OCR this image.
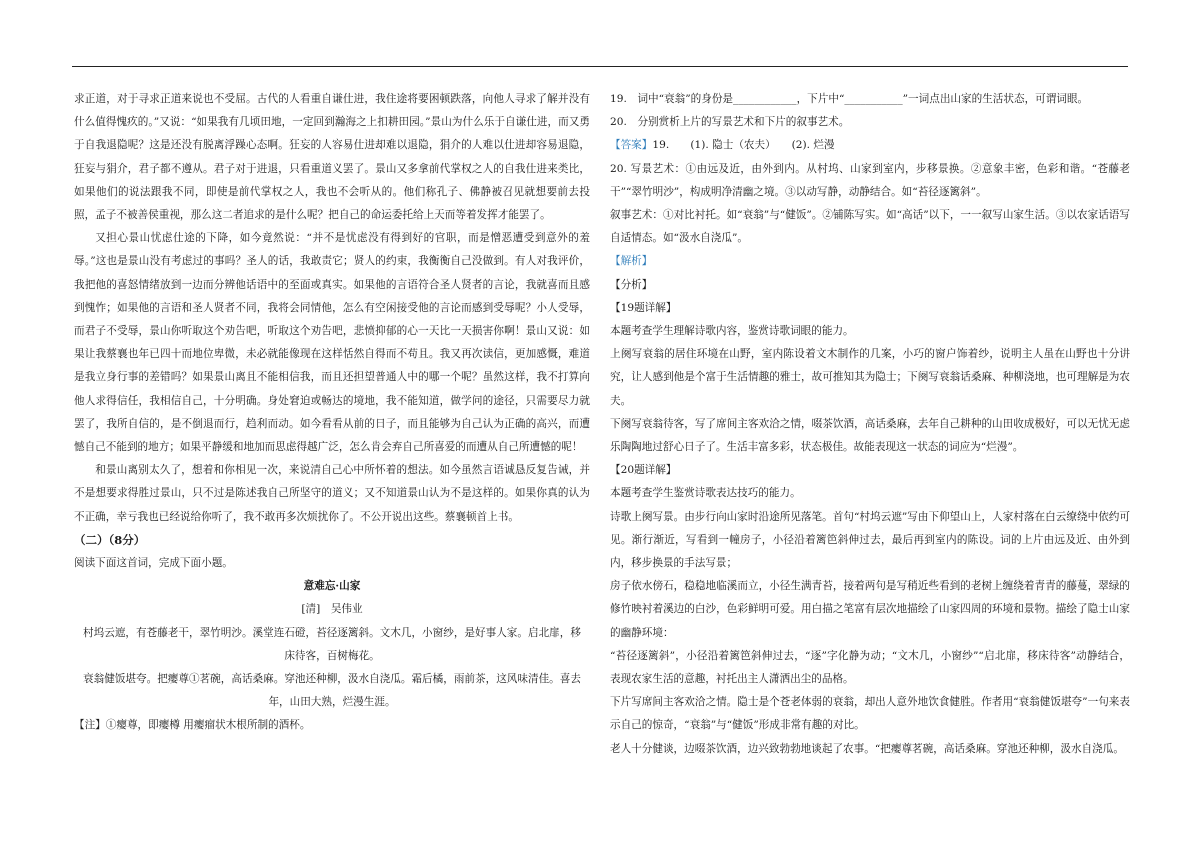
求正道，对于寻求正道来说也不受屈。古代的人看重自谦仕进，我住途将要困顿跌落，向他人寻求了解并没有什么值得愧疚的。”又说：“如果我有几顷田地，一定回到瀚海之上扣耕田园。”景山为什么乐于自谦仕进，而又勇于自我退隐呢？这是还没有脱离浮躁心态啊。狂妄的人容易仕进却难以退隐，狷介的人难以仕进却容易退隐，狂妄与狷介，君子都不遵从。君子对于进退，只看重道义罢了。景山又多拿前代掌权之人的自我仕进来类比，如果他们的说法跟我不同，即使是前代掌权之人，我也不会听从的。他们称孔子、佛静被召见就想要前去投照，孟子不被善侯重视，那么这二者追求的是什么呢？把自己的命运委托给上天而等着发挥才能罢了。

又担心景山忧虑仕途的下降，如今竟然说：“并不是忧虑没有得到好的官职，而是憎恶遭受到意外的羞辱。”这也是景山没有考虑过的事吗？圣人的话，我敢责它；贤人的约束，我衡衡自己没做到。有人对我评价，我把他的喜怒情绪放到一边而分辨他话语中的至面或真实。如果他的言语符合圣人贤者的言论，我就喜而且感到愧怍；如果他的言语和圣人贤者不同，我将会同情他，怎么有空闲接受他的言论而感到受辱呢？小人受辱，而君子不受辱，景山你听取这个劝告吧，听取这个劝告吧，悲愤抑郁的心一天比一天损害你啊！景山又说：如果让我蔡襄也年已四十而地位卑微，未必就能像现在这样恬然自得而不苟且。我又再次读信，更加感慨，难道是我立身行事的差错吗？如果景山离且不能相信我，而且还担望普通人中的哪一个呢？虽然这样，我不打算向他人求得信任，我相信自己，十分明确。身处窘迫或畅达的境地，我不能知道，做学问的途径，只需要尽力就罢了，我所自信的，是不倒退而行，趋利而动。如今看看从前的日子，而且能够为自己认为正确的高兴，而遭憾自己不能到的地方；如果平静缓和地加而思虑得越广泛，怎么肯会弃自己所喜爱的而遭从自己所遭憾的呢！

和景山离别太久了，想着和你相见一次，来说清自己心中所怀着的想法。如今虽然言语诚恳反复告诫，并不是想要求得胜过景山，只不过是陈述我自己所坚守的道义；又不知道景山认为不是这样的。如果你真的认为不正确，幸亏我也已经说给你听了，我不敢再多次烦扰你了。不公开说出这些。蔡襄顿首上书。

（二）（8分）

阅读下面这首词，完成下面小题。

意难忘·山家

[清]　吴伟业

村坞云遮，有苍藤老干，翠竹明沙。溪堂连石磴，苔径逐篱斜。文木几，小窗纱，是好事人家。启北扉，移床待客，百树梅花。

衰翁健饭堪夸。把瘿尊①茗碗，高话桑麻。穿池还种柳，汲水自浇瓜。霜后橘，雨前茶，这风味清佳。喜去年，山田大熟，烂漫生涯。

【注】①瘿尊，即瘿樽 用瘿瘤状木根所制的酒杯。

19.　词中“衰翁”的身份是____________，下片中“___________”一词点出山家的生活状态，可谓词眼。

20.　分别赏析上片的写景艺术和下片的叙事艺术。

【答案】19.　　(1). 隐士（农夫）　　(2). 烂漫

20. 写景艺术：①由远及近，由外到内。从村坞、山家到室内，步移景换。②意象丰密，色彩和谐。“苍藤老干”“翠竹明沙”，构成明净清幽之境。③以动写静，动静结合。如“苔径逐篱斜”。

叙事艺术：①对比衬托。如“衰翁”与“健饭”。②铺陈写实。如“高话”以下，一一叙写山家生活。③以农家话语写自适情态。如“汲水自浇瓜”。

【解析】

【分析】

【19题详解】

本题考查学生理解诗歌内容，鉴赏诗歌词眼的能力。

上阕写衰翁的居住环境在山野，室内陈设着文木制作的几案，小巧的窗户饰着纱，说明主人虽在山野也十分讲究，让人感到他是个富于生活情趣的雅士，故可推知其为隐士；下阕写衰翁话桑麻、种柳浇地，也可理解是为农夫。

下阕写衰翁待客，写了席间主客欢洽之情，啜茶饮酒，高话桑麻，去年自己耕种的山田收成极好，可以无忧无虑乐陶陶地过舒心日子了。生活丰富多彩，状态极佳。故能表现这一状态的词应为“烂漫”。

【20题详解】

本题考查学生鉴赏诗歌表达技巧的能力。

诗歌上阕写景。由步行向山家时沿途所见落笔。首句“村坞云遮”写由下仰望山上，人家村落在白云缭绕中依约可见。渐行渐近，写看到一幢房子，小径沿着篱笆斜伸过去，最后再到室内的陈设。词的上片由远及近、由外到内，移步换景的手法写景；

房子依水傍石，稳稳地临溪而立，小径生满青苔，接着两句是写稍近些看到的老树上缠绕着青青的藤蔓，翠绿的修竹映衬着溪边的白沙，色彩鲜明可爱。用白描之笔富有层次地描绘了山家四周的环境和景物。描绘了隐士山家的幽静环境：

“苔径逐篱斜”，小径沿着篱笆斜伸过去，“逐”字化静为动；“文木几，小窗纱”“启北扉，移床待客”动静结合，表现农家生活的意趣，衬托出主人潇洒出尘的品格。

下片写席间主客欢洽之情。隐士是个苍老体弱的衰翁，却出人意外地饮食健胜。作者用“衰翁健饭堪夸”一句来表示自己的惊奇，“衰翁”与“健饭”形成非常有趣的对比。

老人十分健谈，边啜茶饮酒，边兴致勃勃地谈起了农事。“把瘿尊茗碗，高话桑麻。穿池还种柳，汲水自浇瓜。
